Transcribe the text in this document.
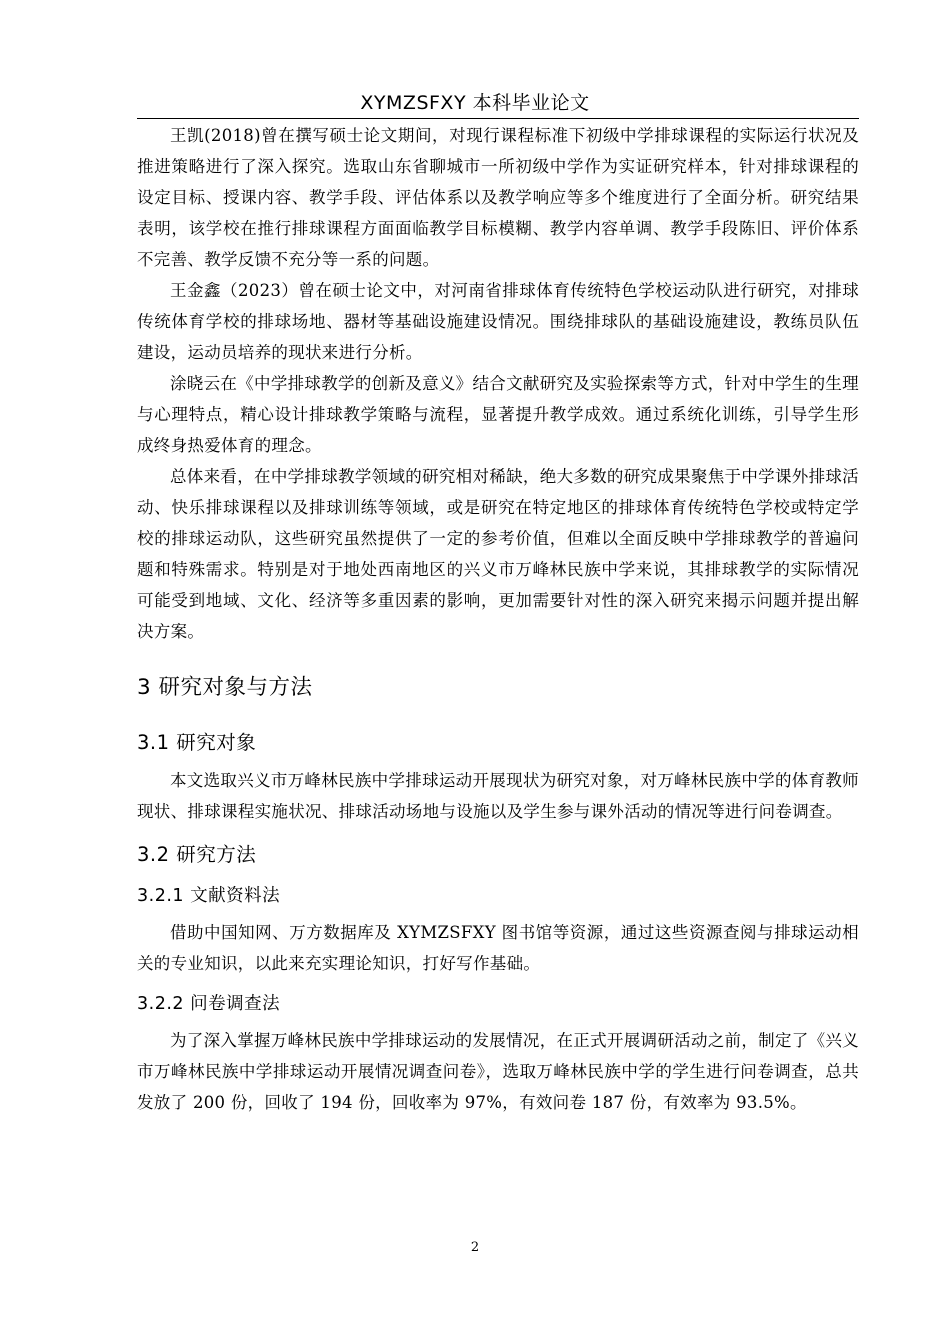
XYMZSFXY 本科毕业论文

王凯(2018)曾在撰写硕士论文期间，对现行课程标准下初级中学排球课程的实际运行状况及推进策略进行了深入探究。选取山东省聊城市一所初级中学作为实证研究样本，针对排球课程的设定目标、授课内容、教学手段、评估体系以及教学响应等多个维度进行了全面分析。研究结果表明，该学校在推行排球课程方面面临教学目标模糊、教学内容单调、教学手段陈旧、评价体系不完善、教学反馈不充分等一系的问题。

王金鑫（2023）曾在硕士论文中，对河南省排球体育传统特色学校运动队进行研究，对排球传统体育学校的排球场地、器材等基础设施建设情况。围绕排球队的基础设施建设，教练员队伍建设，运动员培养的现状来进行分析。

涂晓云在《中学排球教学的创新及意义》结合文献研究及实验探索等方式，针对中学生的生理与心理特点，精心设计排球教学策略与流程，显著提升教学成效。通过系统化训练，引导学生形成终身热爱体育的理念。

总体来看，在中学排球教学领域的研究相对稀缺，绝大多数的研究成果聚焦于中学课外排球活动、快乐排球课程以及排球训练等领域，或是研究在特定地区的排球体育传统特色学校或特定学校的排球运动队，这些研究虽然提供了一定的参考价值，但难以全面反映中学排球教学的普遍问题和特殊需求。特别是对于地处西南地区的兴义市万峰林民族中学来说，其排球教学的实际情况可能受到地域、文化、经济等多重因素的影响，更加需要针对性的深入研究来揭示问题并提出解决方案。

3 研究对象与方法
3.1 研究对象

本文选取兴义市万峰林民族中学排球运动开展现状为研究对象，对万峰林民族中学的体育教师现状、排球课程实施状况、排球活动场地与设施以及学生参与课外活动的情况等进行问卷调查。

3.2 研究方法
3.2.1 文献资料法

借助中国知网、万方数据库及 XYMZSFXY 图书馆等资源，通过这些资源查阅与排球运动相关的专业知识，以此来充实理论知识，打好写作基础。

3.2.2 问卷调查法

为了深入掌握万峰林民族中学排球运动的发展情况，在正式开展调研活动之前，制定了《兴义市万峰林民族中学排球运动开展情况调查问卷》，选取万峰林民族中学的学生进行问卷调查，总共发放了 200 份，回收了 194 份，回收率为 97%，有效问卷 187 份，有效率为 93.5%。

2
